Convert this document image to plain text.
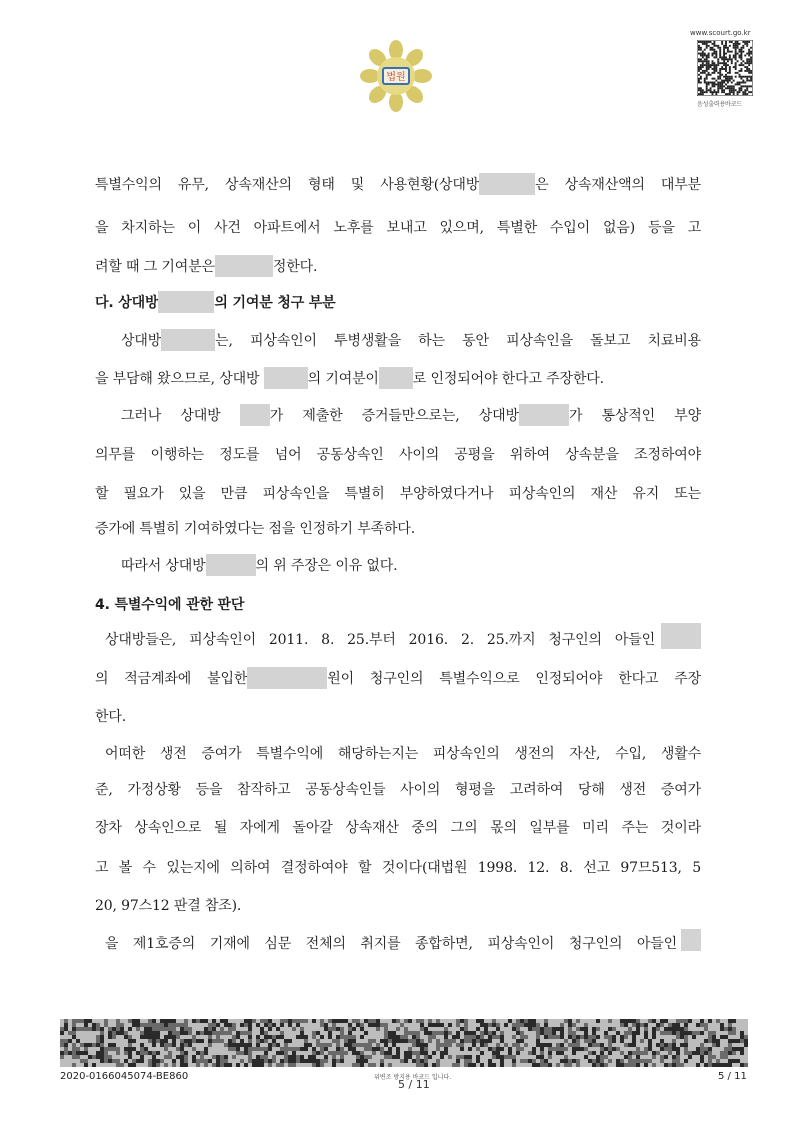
법원
www.scourt.go.kr
음성출력용바코드
특별수익의 유무, 상속재산의 형태 및 사용현황(상대방	은 상속재산액의 대부분
을 차지하는 이 사건 아파트에서 노후를 보내고 있으며, 특별한 수입이 없음) 등을 고
려할 때 그 기여분은	정한다.
다. 상대방	의 기여분 청구 부분
상대방	는, 피상속인이 투병생활을 하는 동안 피상속인을 돌보고 치료비용
을 부담해 왔으므로, 상대방	의 기여분이 로 인정되어야 한다고 주장한다.
그러나 상대방	가 제출한 증거들만으로는, 상대방	가 통상적인 부양
의무를 이행하는 정도를 넘어 공동상속인 사이의 공평을 위하여 상속분을 조정하여야
할 필요가 있을 만큼 피상속인을 특별히 부양하였다거나 피상속인의 재산 유지 또는
증가에 특별히 기여하였다는 점을 인정하기 부족하다.
따라서 상대방	의 위 주장은 이유 없다.
4. 특별수익에 관한 판단
상대방들은, 피상속인이 2011. 8. 25.부터 2016. 2. 25.까지 청구인의 아들인
의 적금계좌에 불입한	원이 청구인의 특별수익으로 인정되어야 한다고 주장
한다.
어떠한 생전 증여가 특별수익에 해당하는지는 피상속인의 생전의 자산, 수입, 생활수
준, 가정상황 등을 참작하고 공동상속인들 사이의 형평을 고려하여 당해 생전 증여가
장차 상속인으로 될 자에게 돌아갈 상속재산 중의 그의 몫의 일부를 미리 주는 것이라
고 볼 수 있는지에 의하여 결정하여야 할 것이다(대법원 1998. 12. 8. 선고 97므513, 5
20, 97스12 판결 참조).
을 제1호증의 기재에 심문 전체의 취지를 종합하면, 피상속인이 청구인의 아들인
2020-0166045074-BE860	위변조 방지용 바코드 입니다.
5 / 11
5 / 11
